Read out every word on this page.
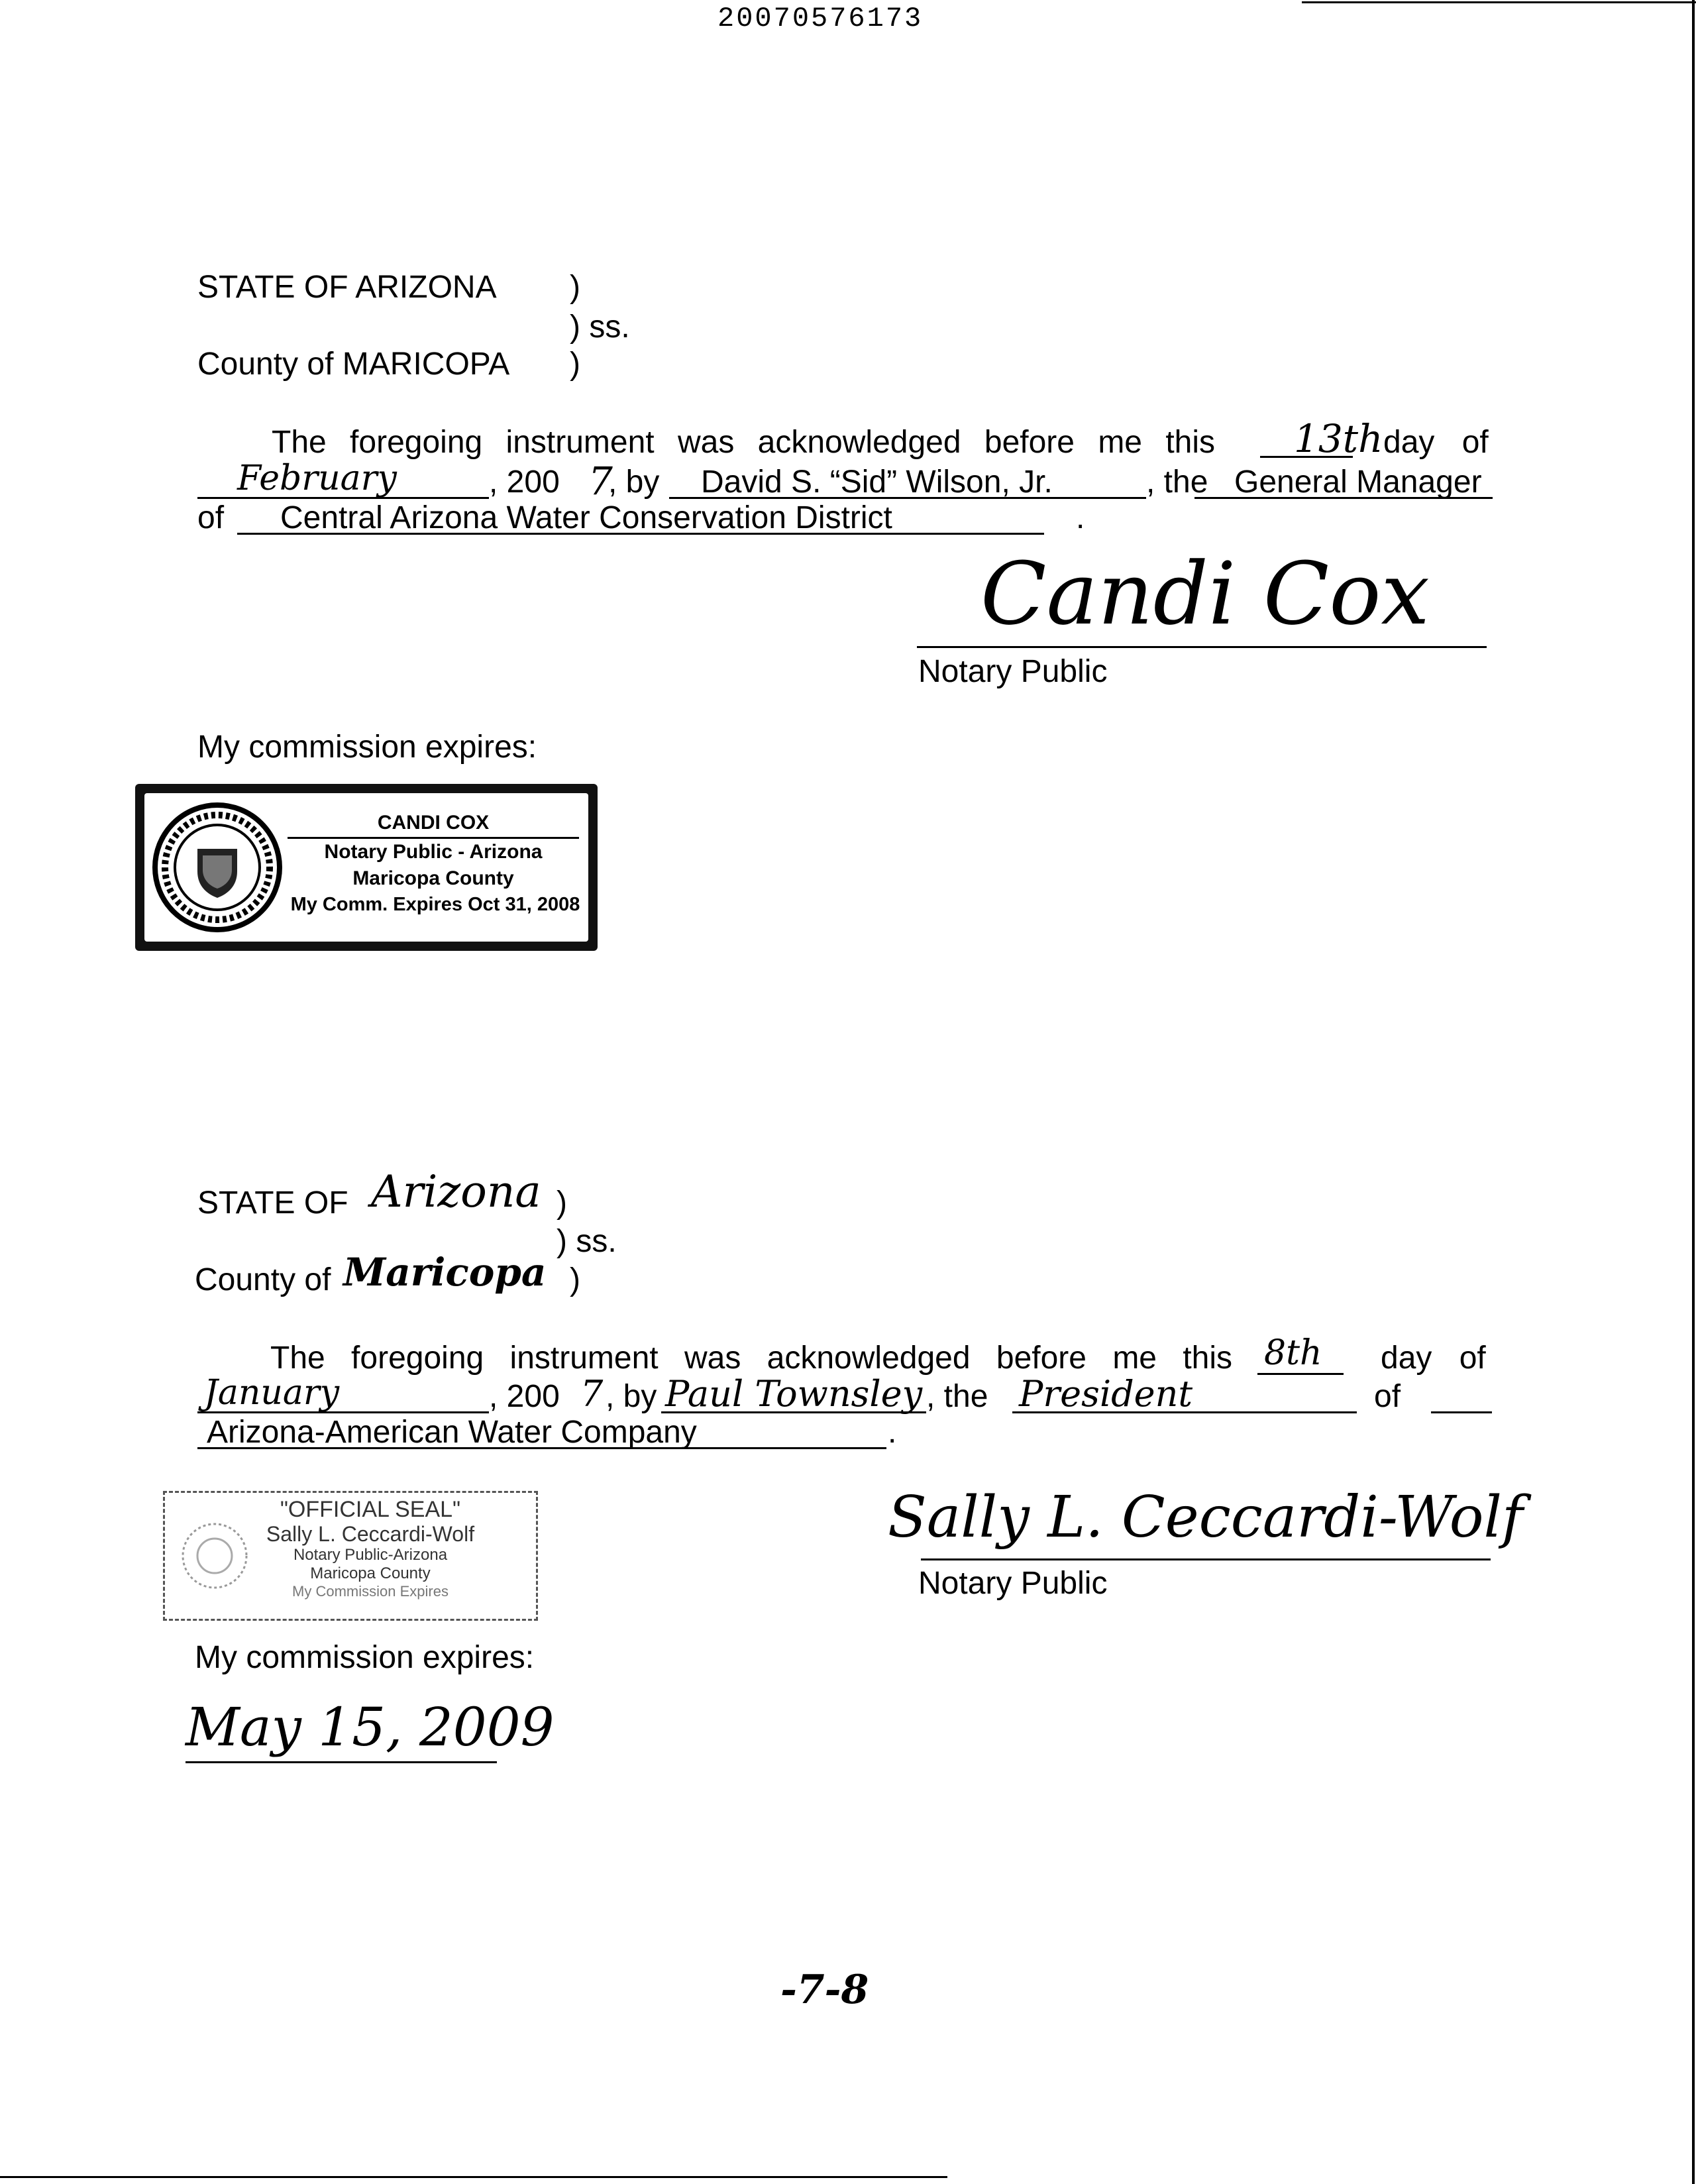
20070576173
STATE OF ARIZONA )
) ss.
County of MARICOPA )
The foregoing instrument was acknowledged before me this 13th day of
February	, 200 7
, by David S. “Sid” Wilson, Jr.	, the General Manager
of Central Arizona Water Conservation District	.
Candi Cox
Notary Public
My commission expires:
CANDI COX
Notary Public - Arizona
Maricopa County
My Comm. Expires Oct 31, 2008
STATE OF Arizona )
) ss.
County of Maricopa )
The foregoing instrument was acknowledged before me this 8th day of
January	, 200 7 , by Paul Townsley , the President	of
Arizona-American Water Company	.
"OFFICIAL SEAL"
Sally L. Ceccardi-Wolf
Notary Public-Arizona
Maricopa County
My Commission Expires
Sally L. Ceccardi-Wolf
Notary Public
My commission expires:
May 15, 2009
-7-8
